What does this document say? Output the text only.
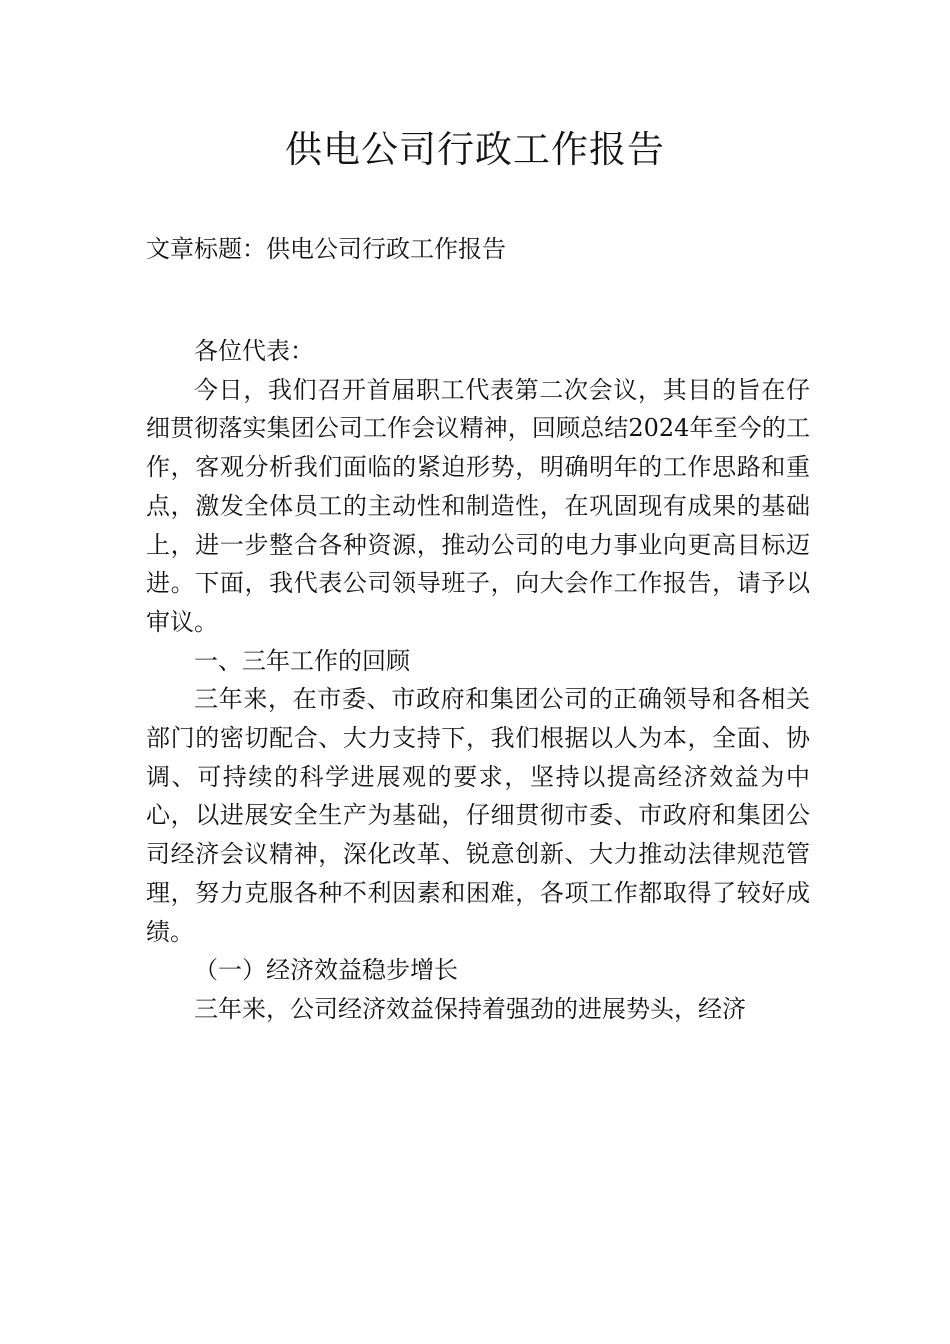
供电公司行政工作报告

文章标题：供电公司行政工作报告

各位代表：

今日，我们召开首届职工代表第二次会议，其目的旨在仔细贯彻落实集团公司工作会议精神，回顾总结2024年至今的工作，客观分析我们面临的紧迫形势，明确明年的工作思路和重点，激发全体员工的主动性和制造性，在巩固现有成果的基础上，进一步整合各种资源，推动公司的电力事业向更高目标迈进。下面，我代表公司领导班子，向大会作工作报告，请予以审议。

一、三年工作的回顾

三年来，在市委、市政府和集团公司的正确领导和各相关部门的密切配合、大力支持下，我们根据以人为本，全面、协调、可持续的科学进展观的要求，坚持以提高经济效益为中心，以进展安全生产为基础，仔细贯彻市委、市政府和集团公司经济会议精神，深化改革、锐意创新、大力推动法律规范管理，努力克服各种不利因素和困难，各项工作都取得了较好成绩。

（一）经济效益稳步增长

三年来，公司经济效益保持着强劲的进展势头，经济
